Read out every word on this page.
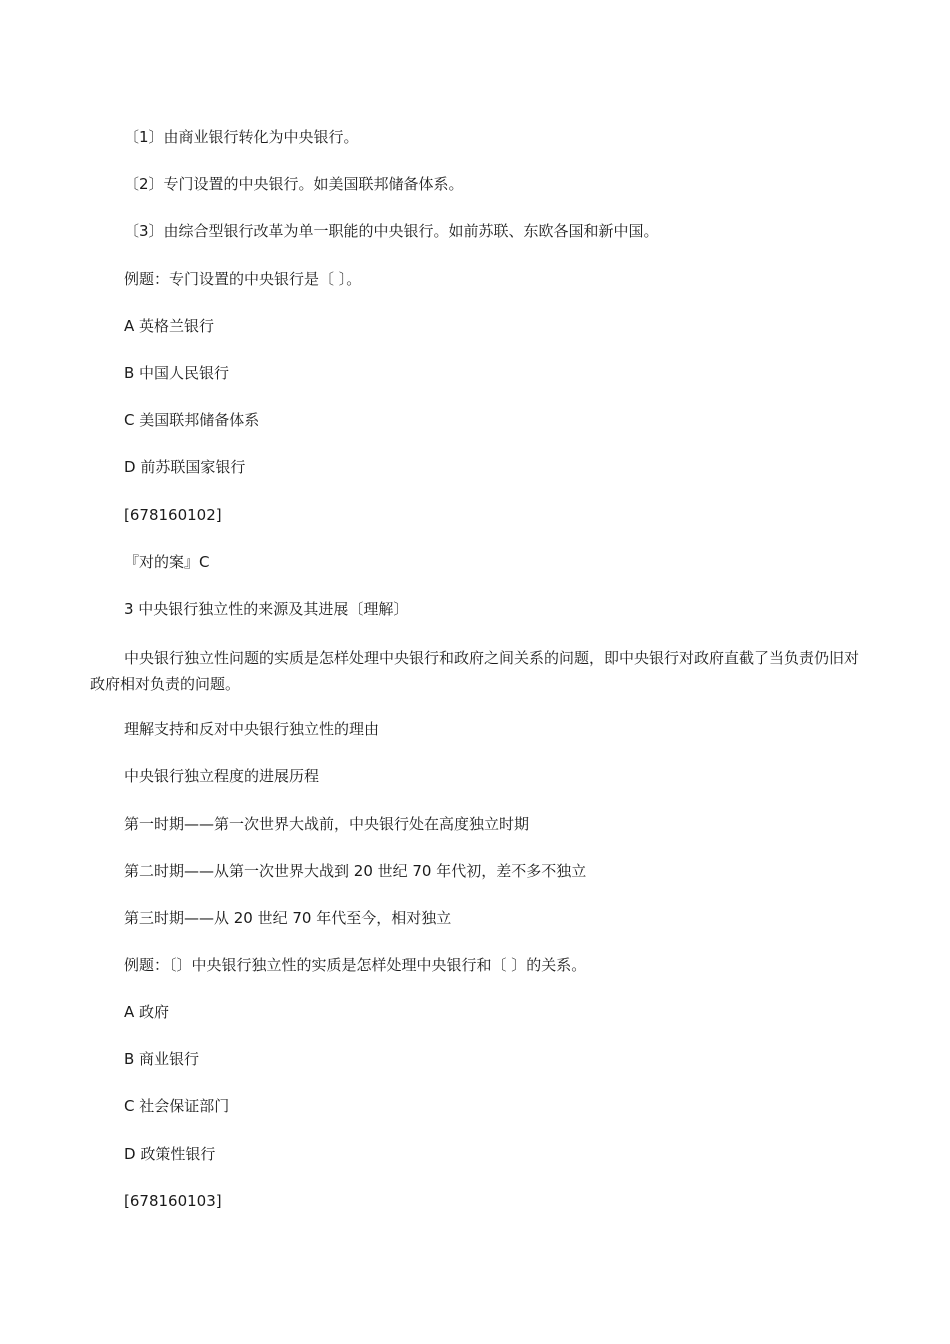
〔1〕由商业银行转化为中央银行。
〔2〕专门设置的中央银行。如美国联邦储备体系。
〔3〕由综合型银行改革为单一职能的中央银行。如前苏联、东欧各国和新中国。
例题：专门设置的中央银行是〔 〕。
A 英格兰银行
B 中国人民银行
C 美国联邦储备体系
D 前苏联国家银行
[678160102]
『对的案』C
3 中央银行独立性的来源及其进展〔理解〕
中央银行独立性问题的实质是怎样处理中央银行和政府之间关系的问题，即中央银行对政府直截了当负责仍旧对政府相对负责的问题。
理解支持和反对中央银行独立性的理由
中央银行独立程度的进展历程
第一时期——第一次世界大战前，中央银行处在高度独立时期
第二时期——从第一次世界大战到 20 世纪 70 年代初，差不多不独立
第三时期——从 20 世纪 70 年代至今，相对独立
例题：〔〕中央银行独立性的实质是怎样处理中央银行和〔 〕的关系。
A 政府
B 商业银行
C 社会保证部门
D 政策性银行
[678160103]
